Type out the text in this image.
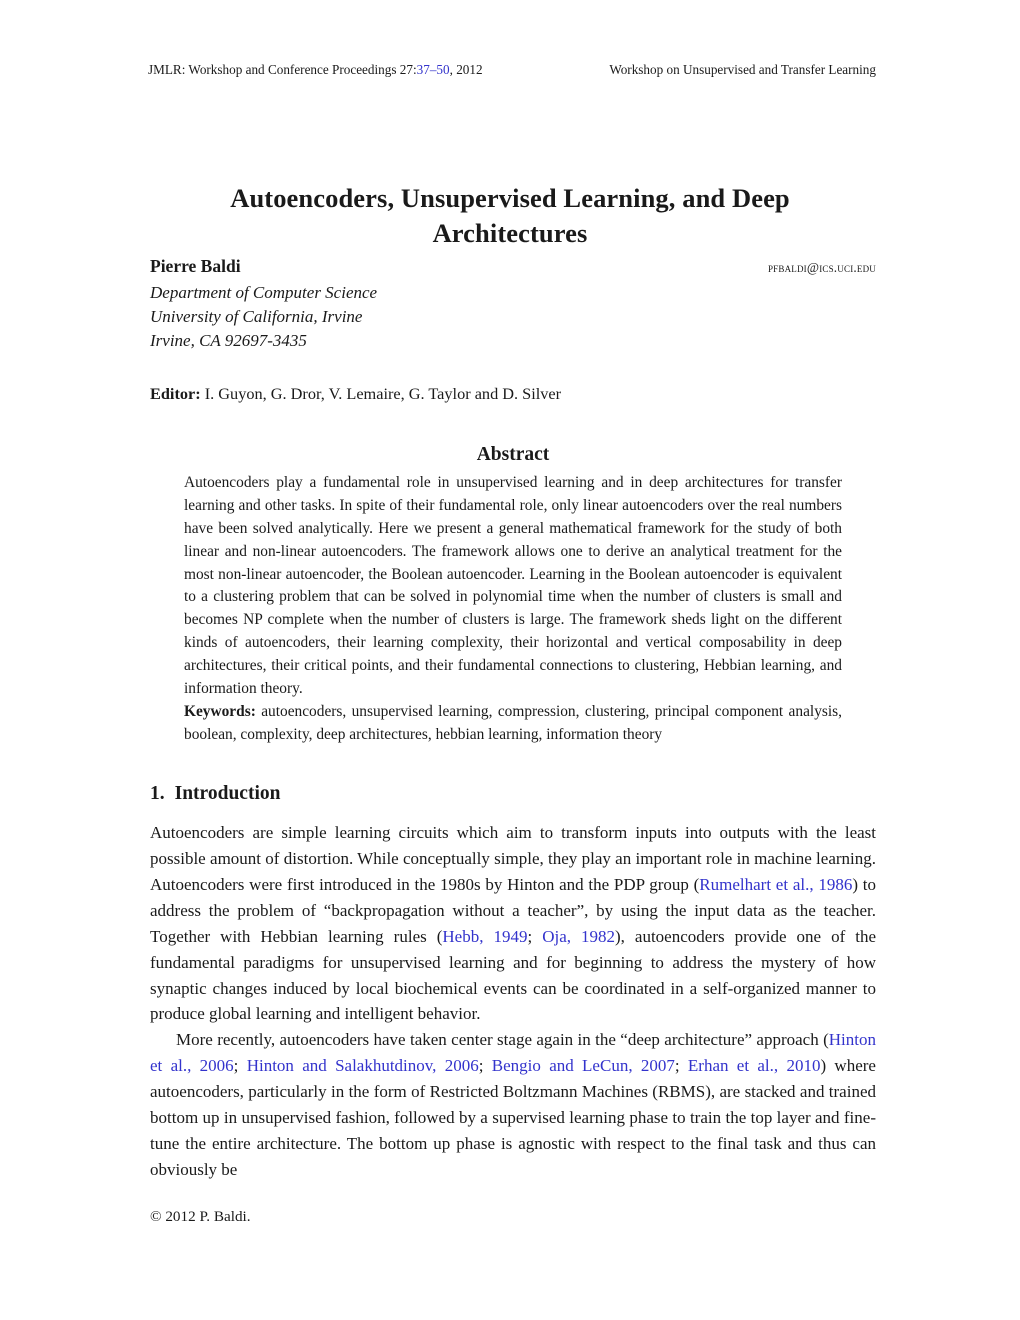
JMLR: Workshop and Conference Proceedings 27:37–50, 2012	Workshop on Unsupervised and Transfer Learning
Autoencoders, Unsupervised Learning, and Deep Architectures
Pierre Baldi	pfbaldi@ics.uci.edu
Department of Computer Science
University of California, Irvine
Irvine, CA 92697-3435
Editor: I. Guyon, G. Dror, V. Lemaire, G. Taylor and D. Silver
Abstract

Autoencoders play a fundamental role in unsupervised learning and in deep architectures for transfer learning and other tasks. In spite of their fundamental role, only linear autoencoders over the real numbers have been solved analytically. Here we present a general mathematical framework for the study of both linear and non-linear autoencoders. The framework allows one to derive an analytical treatment for the most non-linear autoencoder, the Boolean autoencoder. Learning in the Boolean autoencoder is equivalent to a clustering problem that can be solved in polynomial time when the number of clusters is small and becomes NP complete when the number of clusters is large. The framework sheds light on the different kinds of autoencoders, their learning complexity, their horizontal and vertical composability in deep architectures, their critical points, and their fundamental connections to clustering, Hebbian learning, and information theory.

Keywords: autoencoders, unsupervised learning, compression, clustering, principal component analysis, boolean, complexity, deep architectures, hebbian learning, information theory

1. Introduction

Autoencoders are simple learning circuits which aim to transform inputs into outputs with the least possible amount of distortion. While conceptually simple, they play an important role in machine learning. Autoencoders were first introduced in the 1980s by Hinton and the PDP group (Rumelhart et al., 1986) to address the problem of “backpropagation without a teacher”, by using the input data as the teacher. Together with Hebbian learning rules (Hebb, 1949; Oja, 1982), autoencoders provide one of the fundamental paradigms for unsupervised learning and for beginning to address the mystery of how synaptic changes induced by local biochemical events can be coordinated in a self-organized manner to produce global learning and intelligent behavior.

More recently, autoencoders have taken center stage again in the “deep architecture” approach (Hinton et al., 2006; Hinton and Salakhutdinov, 2006; Bengio and LeCun, 2007; Erhan et al., 2010) where autoencoders, particularly in the form of Restricted Boltzmann Machines (RBMS), are stacked and trained bottom up in unsupervised fashion, followed by a supervised learning phase to train the top layer and fine-tune the entire architecture. The bottom up phase is agnostic with respect to the final task and thus can obviously be

© 2012 P. Baldi.
